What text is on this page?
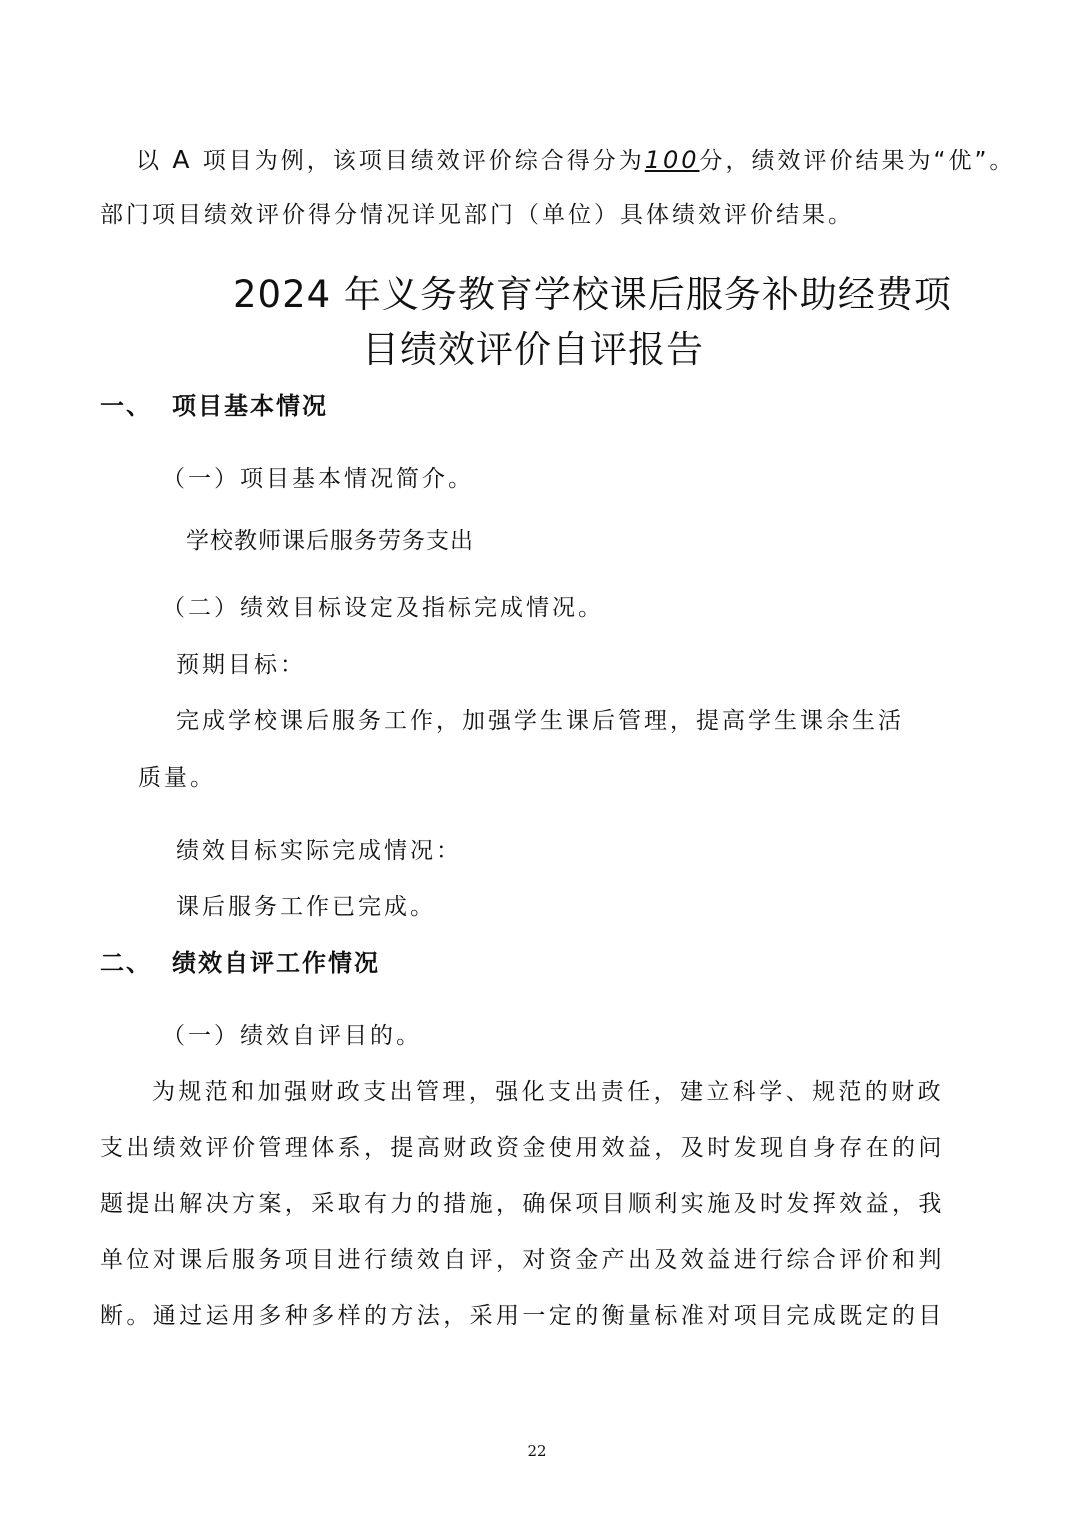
以 A 项目为例，该项目绩效评价综合得分为100分，绩效评价结果为“优”。
部门项目绩效评价得分情况详见部门（单位）具体绩效评价结果。
2024 年义务教育学校课后服务补助经费项
目绩效评价自评报告
一、 项目基本情况
（一）项目基本情况简介。
学校教师课后服务劳务支出
（二）绩效目标设定及指标完成情况。
预期目标：
完成学校课后服务工作，加强学生课后管理，提高学生课余生活
质量。
绩效目标实际完成情况：
课后服务工作已完成。
二、 绩效自评工作情况
（一）绩效自评目的。
为规范和加强财政支出管理，强化支出责任，建立科学、规范的财政
支出绩效评价管理体系，提高财政资金使用效益，及时发现自身存在的问
题提出解决方案，采取有力的措施，确保项目顺利实施及时发挥效益，我
单位对课后服务项目进行绩效自评，对资金产出及效益进行综合评价和判
断。通过运用多种多样的方法，采用一定的衡量标准对项目完成既定的目
22
